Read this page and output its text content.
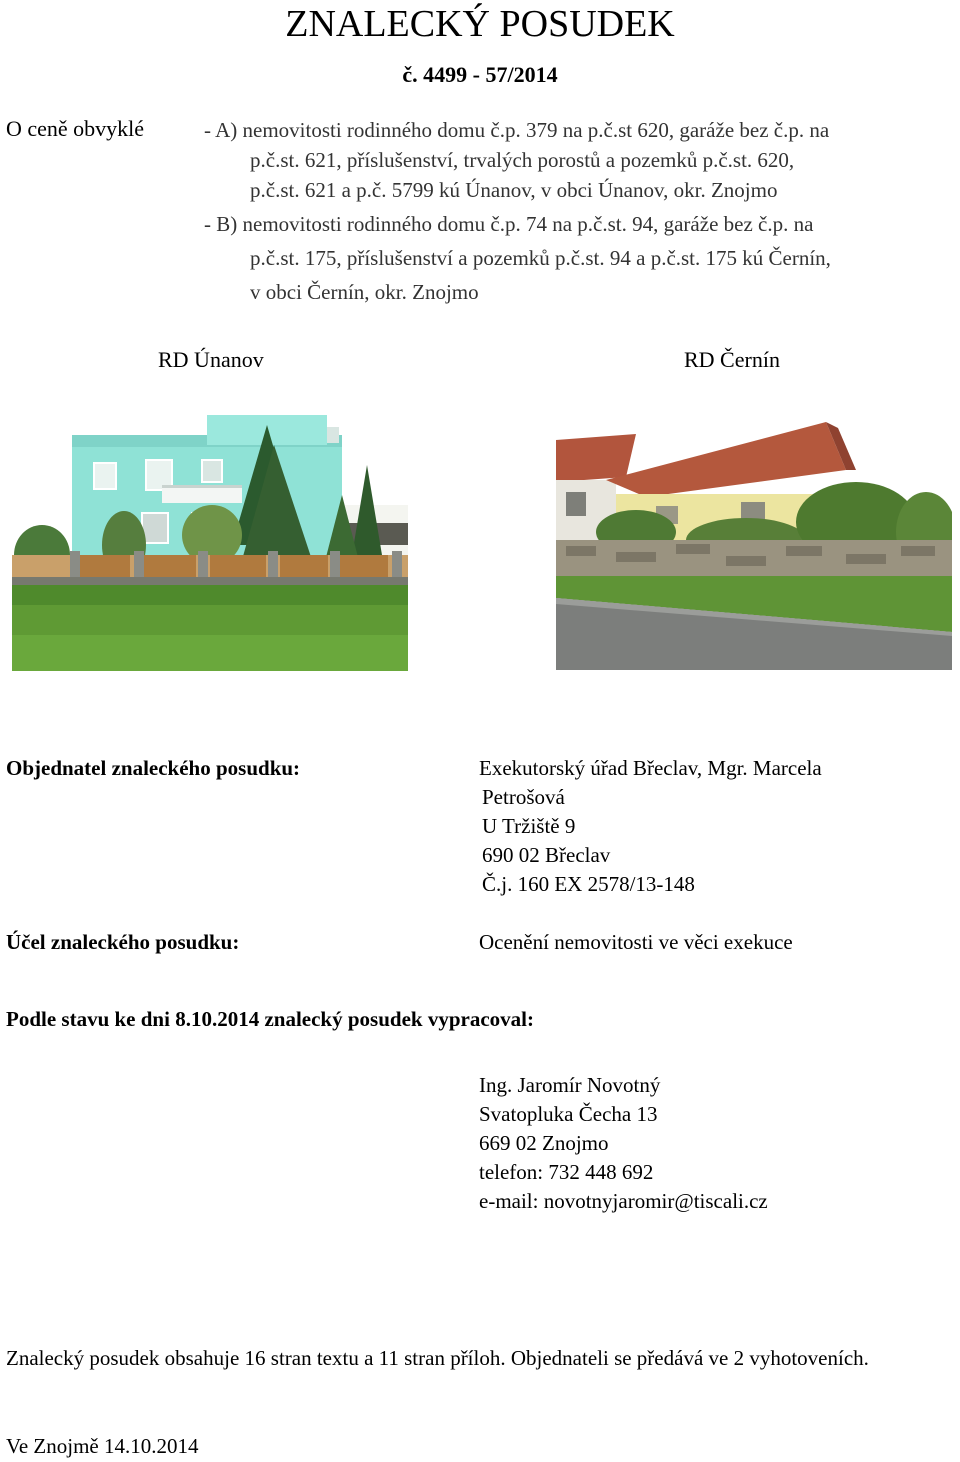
ZNALECKÝ POSUDEK
č. 4499 - 57/2014
O ceně obvyklé	- A) nemovitosti rodinného domu č.p. 379 na p.č.st 620, garáže bez č.p. na
p.č.st. 621, příslušenství, trvalých porostů a pozemků p.č.st. 620,
p.č.st. 621 a p.č. 5799 kú Únanov, v obci Únanov, okr. Znojmo
- B) nemovitosti rodinného domu č.p. 74 na p.č.st. 94, garáže bez č.p. na
p.č.st. 175, příslušenství a pozemků p.č.st. 94 a p.č.st. 175 kú Černín,
v obci Černín, okr. Znojmo
RD Únanov	RD Černín
Objednatel znaleckého posudku:	Exekutorský úřad Břeclav, Mgr. Marcela
Petrošová
U Tržiště 9
690 02 Břeclav
Č.j. 160 EX 2578/13-148
Účel znaleckého posudku:	Ocenění nemovitosti ve věci exekuce
Podle stavu ke dni 8.10.2014 znalecký posudek vypracoval:
Ing. Jaromír Novotný
Svatopluka Čecha 13
669 02 Znojmo
telefon: 732 448 692
e-mail: novotnyjaromir@tiscali.cz
Znalecký posudek obsahuje 16 stran textu a 11 stran příloh. Objednateli se předává ve 2 vyhotoveních.
Ve Znojmě 14.10.2014
